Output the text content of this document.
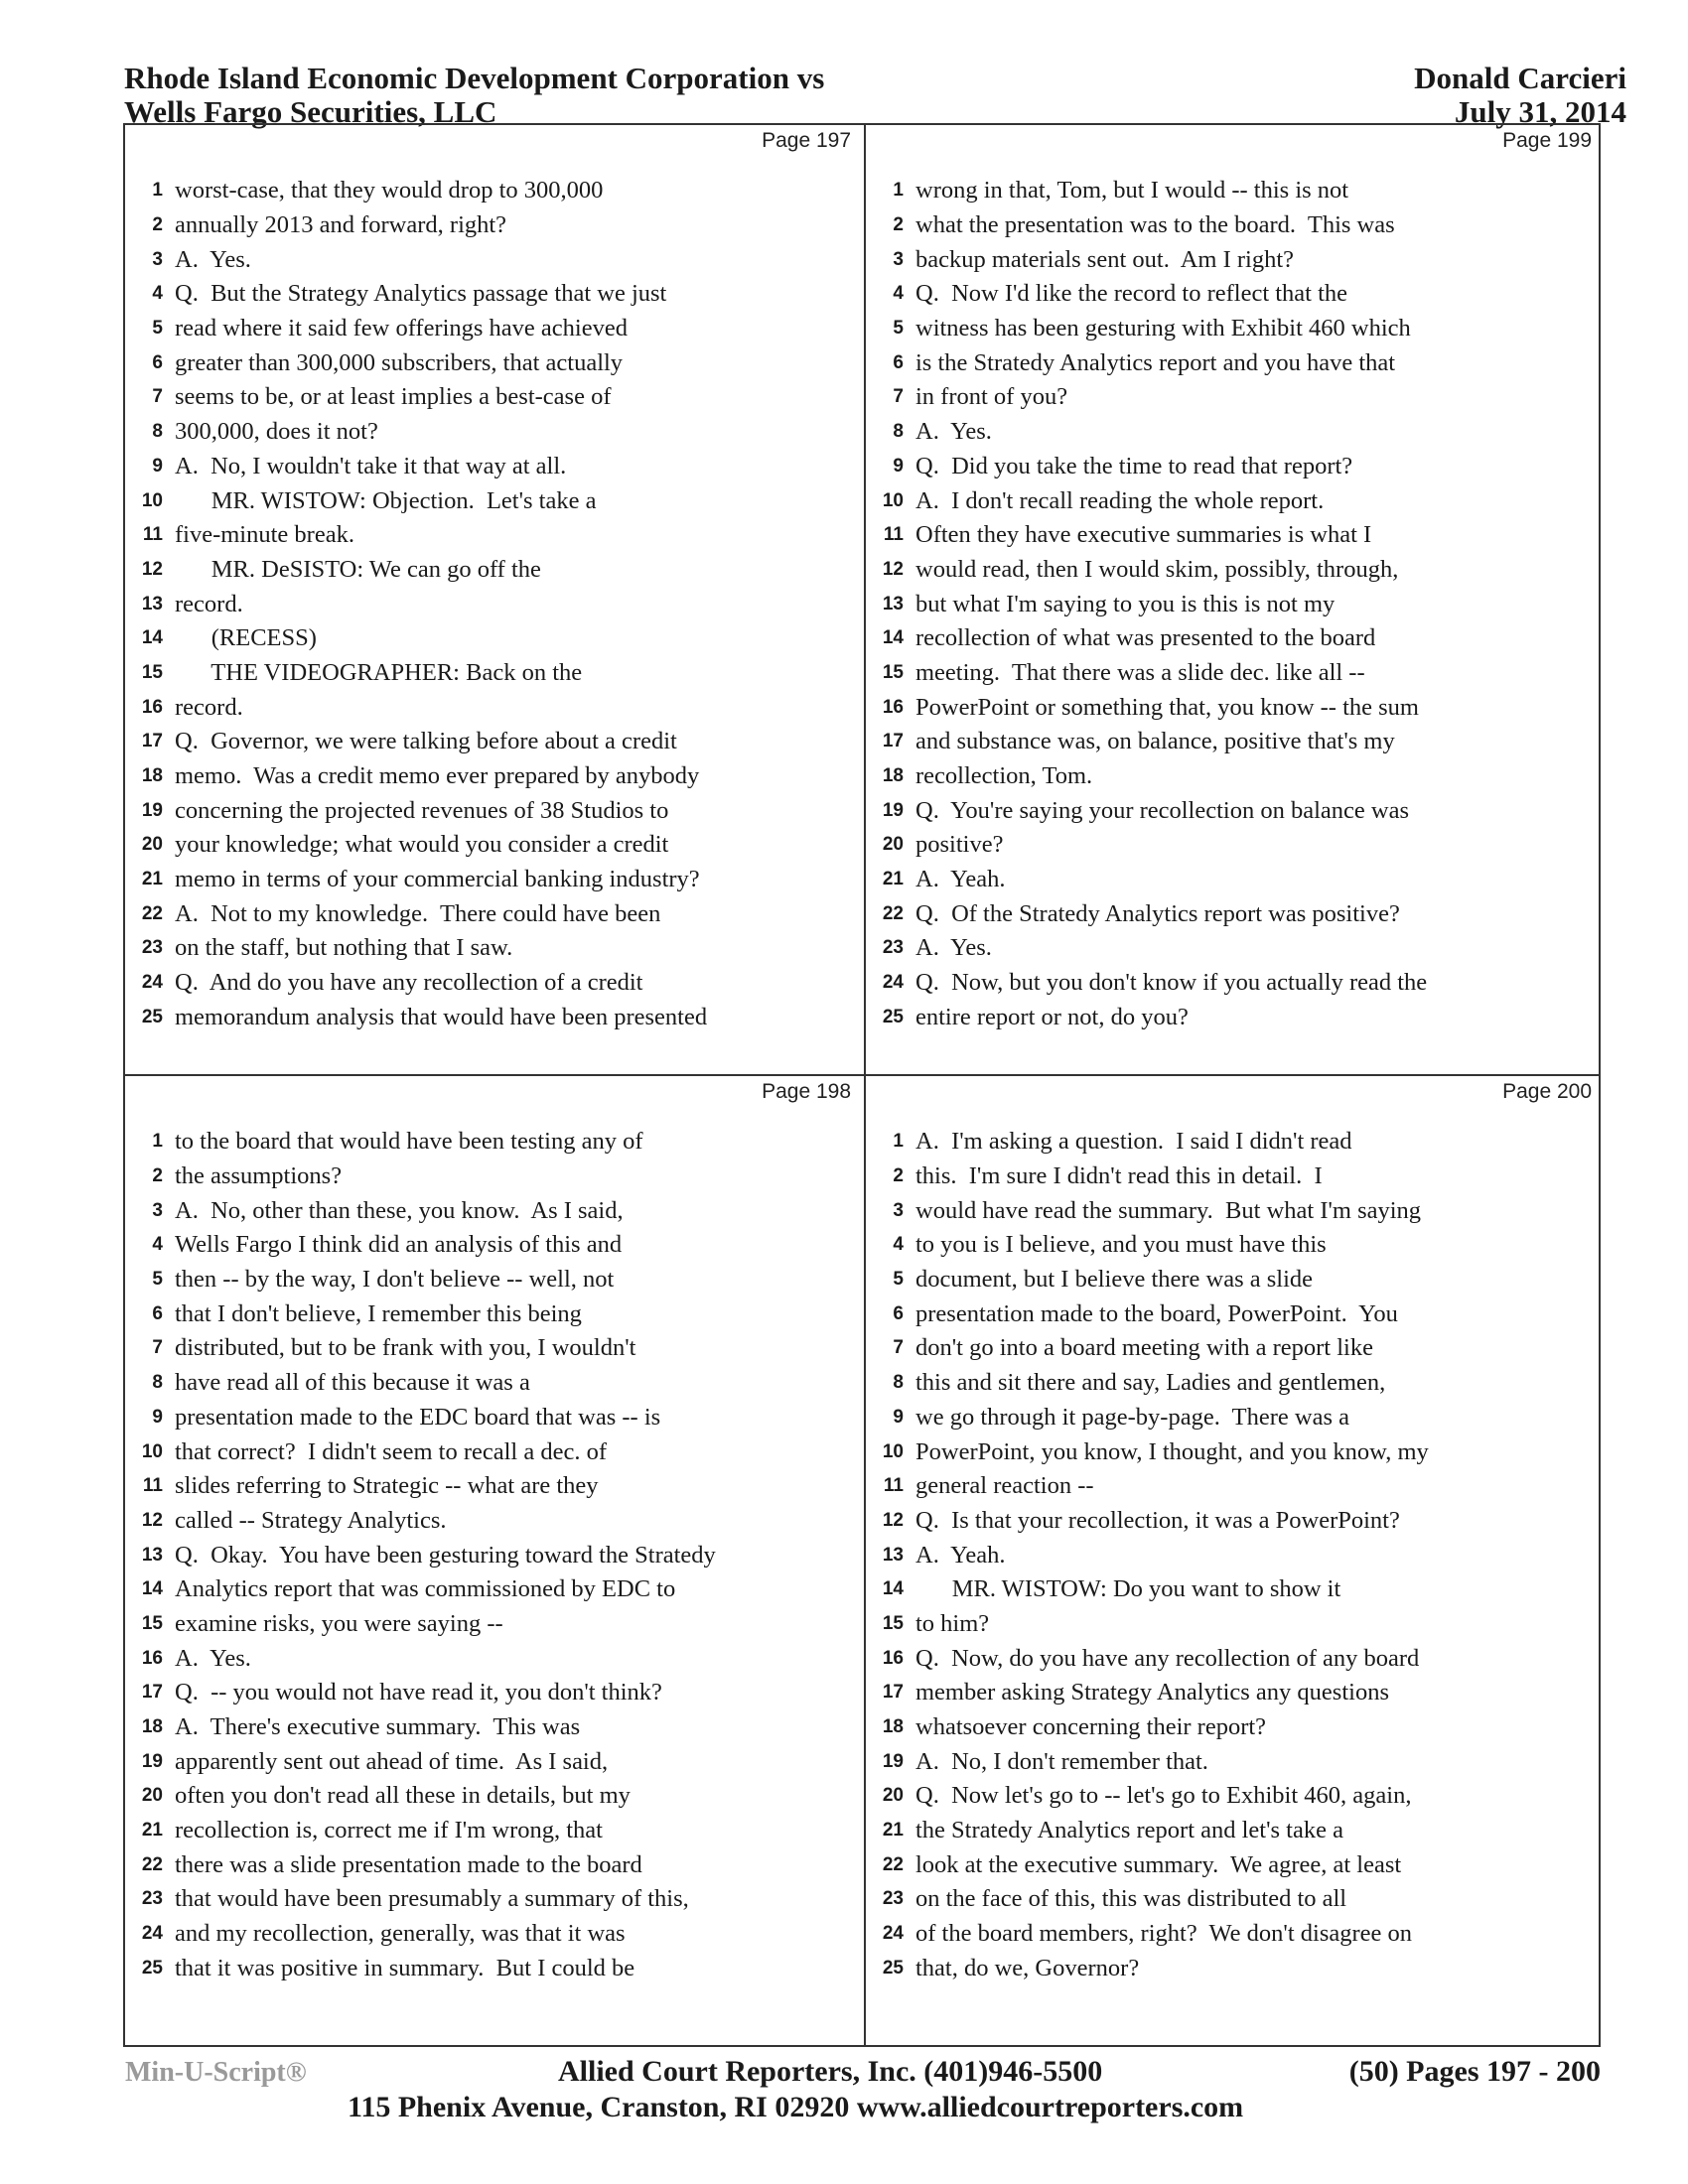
Rhode Island Economic Development Corporation vs
Wells Fargo Securities, LLC
Donald Carcieri
July 31, 2014
Page 197
1 worst-case, that they would drop to 300,000
2 annually 2013 and forward, right?
3 A.  Yes.
4 Q.  But the Strategy Analytics passage that we just
5 read where it said few offerings have achieved
6 greater than 300,000 subscribers, that actually
7 seems to be, or at least implies a best-case of
8 300,000, does it not?
9 A.  No, I wouldn't take it that way at all.
10 MR. WISTOW: Objection.  Let's take a
11 five-minute break.
12 MR. DeSISTO: We can go off the
13 record.
14 (RECESS)
15 THE VIDEOGRAPHER: Back on the
16 record.
17 Q.  Governor, we were talking before about a credit
18 memo.  Was a credit memo ever prepared by anybody
19 concerning the projected revenues of 38 Studios to
20 your knowledge; what would you consider a credit
21 memo in terms of your commercial banking industry?
22 A.  Not to my knowledge.  There could have been
23 on the staff, but nothing that I saw.
24 Q.  And do you have any recollection of a credit
25 memorandum analysis that would have been presented
Page 199
1 wrong in that, Tom, but I would -- this is not
2 what the presentation was to the board.  This was
3 backup materials sent out.  Am I right?
4 Q.  Now I'd like the record to reflect that the
5 witness has been gesturing with Exhibit 460 which
6 is the Stratedy Analytics report and you have that
7 in front of you?
8 A.  Yes.
9 Q.  Did you take the time to read that report?
10 A.  I don't recall reading the whole report.
11 Often they have executive summaries is what I
12 would read, then I would skim, possibly, through,
13 but what I'm saying to you is this is not my
14 recollection of what was presented to the board
15 meeting.  That there was a slide dec. like all --
16 PowerPoint or something that, you know -- the sum
17 and substance was, on balance, positive that's my
18 recollection, Tom.
19 Q.  You're saying your recollection on balance was
20 positive?
21 A.  Yeah.
22 Q.  Of the Stratedy Analytics report was positive?
23 A.  Yes.
24 Q.  Now, but you don't know if you actually read the
25 entire report or not, do you?
Page 198
1 to the board that would have been testing any of
2 the assumptions?
3 A.  No, other than these, you know.  As I said,
4 Wells Fargo I think did an analysis of this and
5 then -- by the way, I don't believe -- well, not
6 that I don't believe, I remember this being
7 distributed, but to be frank with you, I wouldn't
8 have read all of this because it was a
9 presentation made to the EDC board that was -- is
10 that correct?  I didn't seem to recall a dec. of
11 slides referring to Strategic -- what are they
12 called -- Strategy Analytics.
13 Q.  Okay.  You have been gesturing toward the Stratedy
14 Analytics report that was commissioned by EDC to
15 examine risks, you were saying --
16 A.  Yes.
17 Q.  -- you would not have read it, you don't think?
18 A.  There's executive summary.  This was
19 apparently sent out ahead of time.  As I said,
20 often you don't read all these in details, but my
21 recollection is, correct me if I'm wrong, that
22 there was a slide presentation made to the board
23 that would have been presumably a summary of this,
24 and my recollection, generally, was that it was
25 that it was positive in summary.  But I could be
Page 200
1 A.  I'm asking a question.  I said I didn't read
2 this.  I'm sure I didn't read this in detail.  I
3 would have read the summary.  But what I'm saying
4 to you is I believe, and you must have this
5 document, but I believe there was a slide
6 presentation made to the board, PowerPoint.  You
7 don't go into a board meeting with a report like
8 this and sit there and say, Ladies and gentlemen,
9 we go through it page-by-page.  There was a
10 PowerPoint, you know, I thought, and you know, my
11 general reaction --
12 Q.  Is that your recollection, it was a PowerPoint?
13 A.  Yeah.
14 MR. WISTOW: Do you want to show it
15 to him?
16 Q.  Now, do you have any recollection of any board
17 member asking Strategy Analytics any questions
18 whatsoever concerning their report?
19 A.  No, I don't remember that.
20 Q.  Now let's go to -- let's go to Exhibit 460, again,
21 the Stratedy Analytics report and let's take a
22 look at the executive summary.  We agree, at least
23 on the face of this, this was distributed to all
24 of the board members, right?  We don't disagree on
25 that, do we, Governor?
Min-U-Script®	Allied Court Reporters, Inc. (401)946-5500	(50) Pages 197 - 200
115 Phenix Avenue, Cranston, RI 02920 www.alliedcourtreporters.com
